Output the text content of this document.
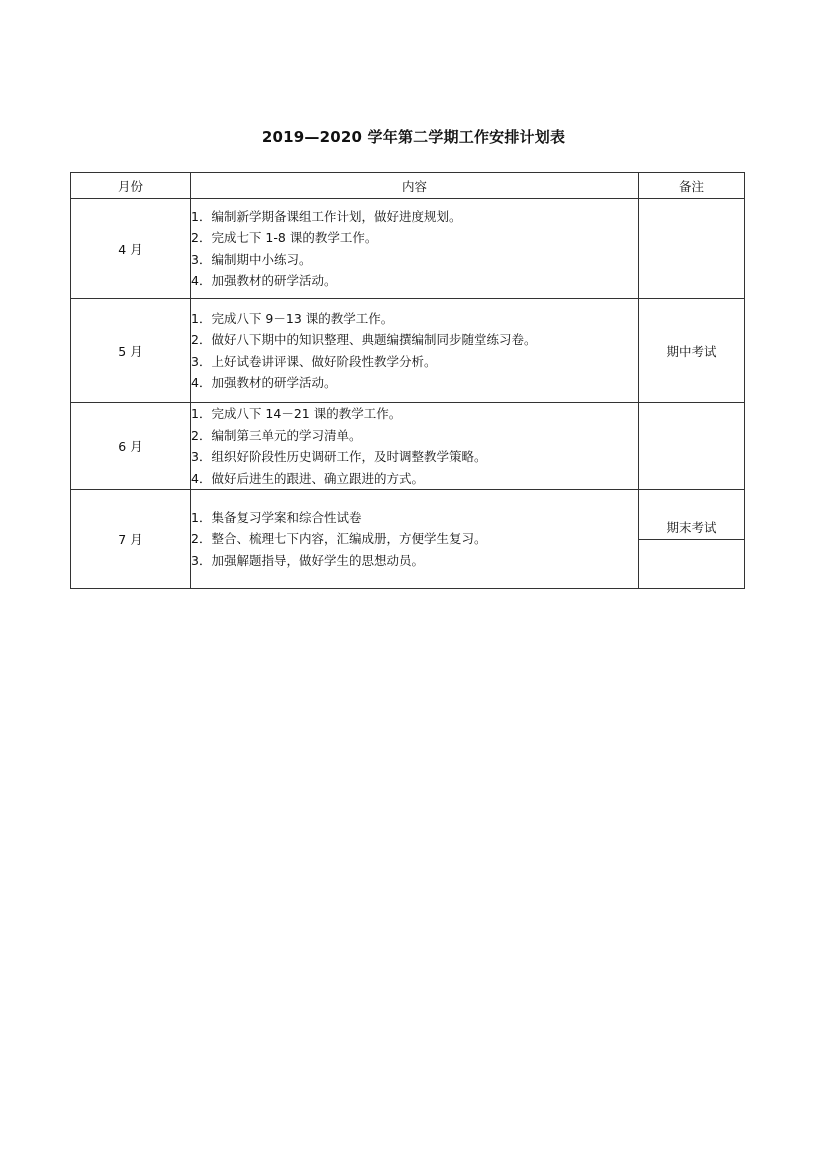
2019—2020 学年第二学期工作安排计划表
月份	内容	备注
4 月	1．编制新学期备课组工作计划，做好进度规划。
2．完成七下 1-8 课的教学工作。
3．编制期中小练习。
4．加强教材的研学活动。	

5 月	1．完成八下 9－13 课的教学工作。
2．做好八下期中的知识整理、典题编撰编制同步随堂练习卷。
3．上好试卷讲评课、做好阶段性教学分析。
4．加强教材的研学活动。	期中考试
6 月	1．完成八下 14－21 课的教学工作。
2．编制第三单元的学习清单。
3．组织好阶段性历史调研工作，及时调整教学策略。
4．做好后进生的跟进、确立跟进的方式。	

7 月	1．集备复习学案和综合性试卷
2．整合、梳理七下内容，汇编成册，方便学生复习。
3．加强解题指导，做好学生的思想动员。	期末考试
